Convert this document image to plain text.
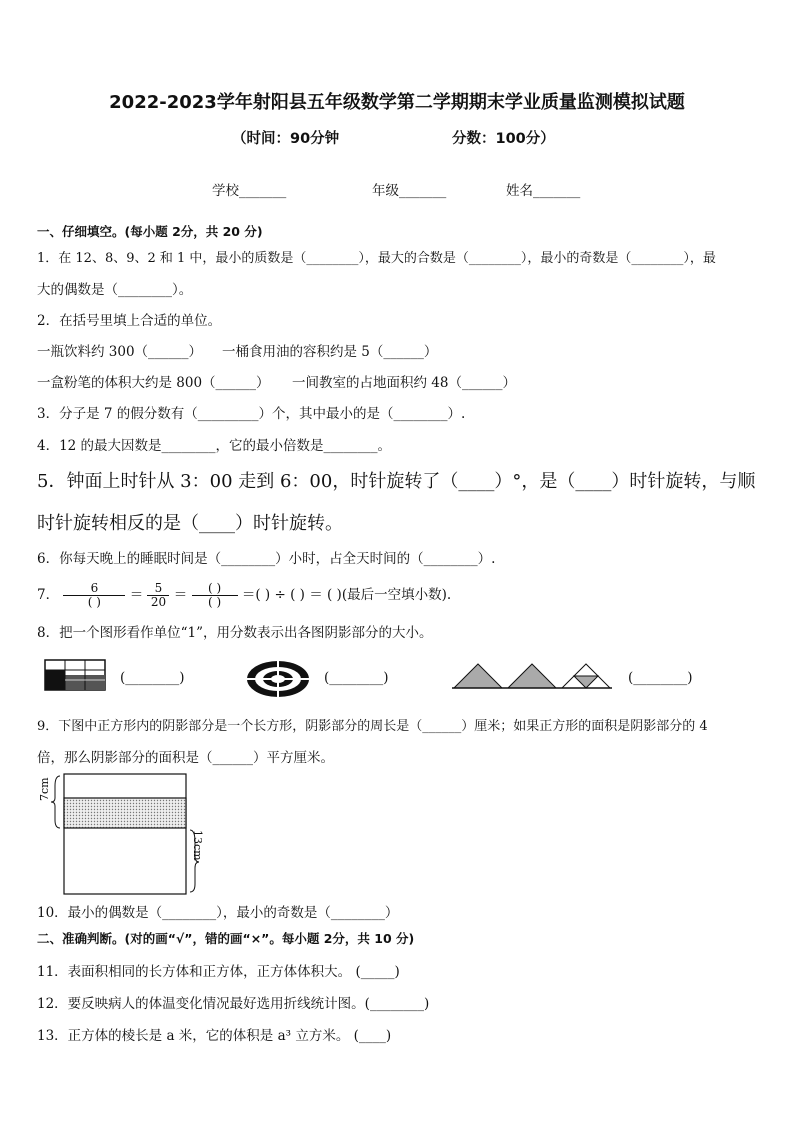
2022-2023学年射阳县五年级数学第二学期期末学业质量监测模拟试题
（时间：90分钟	分数：100分）
学校_______	年级_______	姓名_______
一、仔细填空。(每小题 2分，共 20 分)
1．在 12、8、9、2 和 1 中，最小的质数是（________），最大的合数是（________），最小的奇数是（________），最
大的偶数是（________）。
2．在括号里填上合适的单位。
一瓶饮料约 300（______） 一桶食用油的容积约是 5（______）
一盒粉笔的体积大约是 800（______） 一间教室的占地面积约 48（______）
3．分子是 7 的假分数有（_________）个，其中最小的是（________）.
4．12 的最大因数是________，它的最小倍数是________。
5．钟面上时针从 3：00 走到 6：00，时针旋转了（____）°，是（____）时针旋转，与顺
时针旋转相反的是（____）时针旋转。
6．你每天晚上的睡眠时间是（________）小时，占全天时间的（________）.
7． $\frac{6}{( )} = \frac{5}{20} = \frac{( )}{( )}$ ＝( ) ÷ ( ) ＝ ( )(最后一空填小数).
8．把一个图形看作单位“1”，用分数表示出各图阴影部分的大小。
(________)	(________)	(________)
9．下图中正方形内的阴影部分是一个长方形，阴影部分的周长是（______）厘米；如果正方形的面积是阴影部分的 4
倍，那么阴影部分的面积是（______）平方厘米。
7cm
13cm
10．最小的偶数是（________），最小的奇数是（________）
二、准确判断。(对的画“√”，错的画“×”。每小题 2分，共 10 分)
11．表面积相同的长方体和正方体，正方体体积大。 (_____)
12．要反映病人的体温变化情况最好选用折线统计图。(________)
13．正方体的棱长是 a 米，它的体积是 a³ 立方米。 (____)
